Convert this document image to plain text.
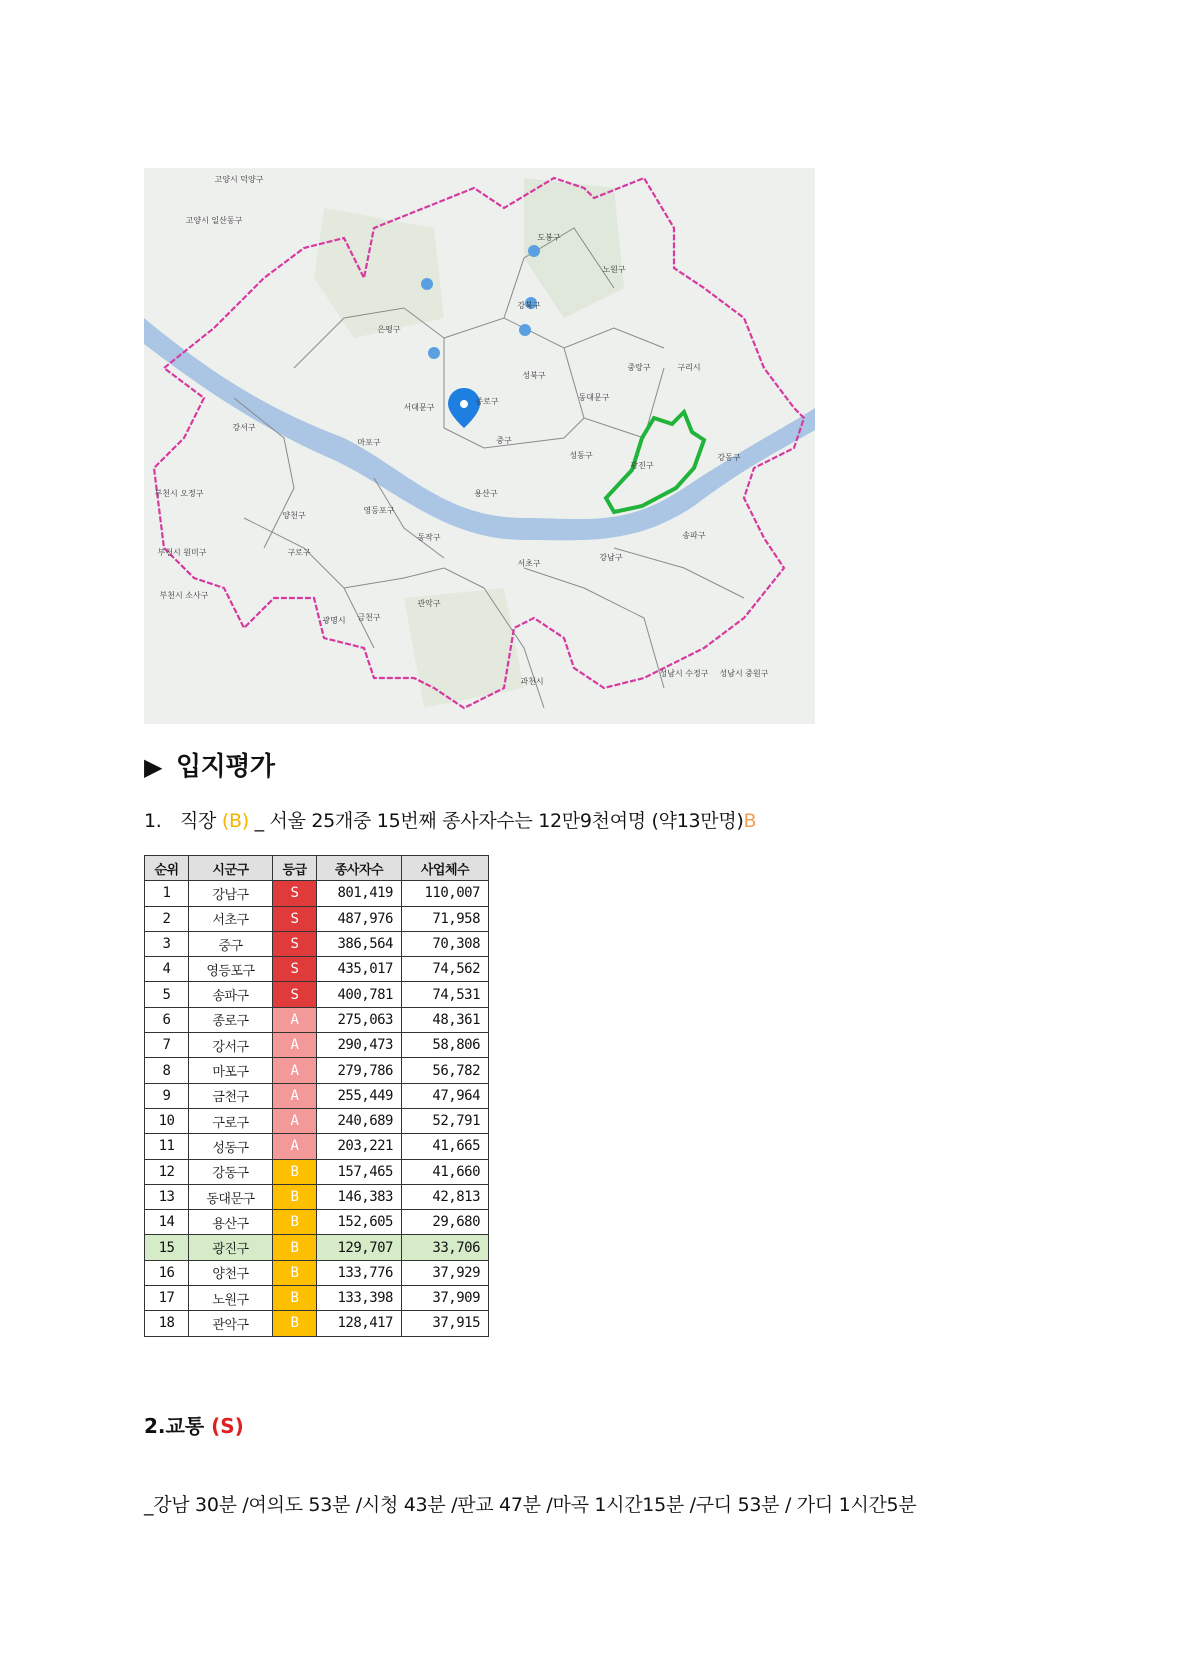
고양시 덕양구
고양시 일산동구
도봉구
노원구
강북구
은평구
성북구
중랑구	구리시
동대문구
종로구
서대문구
중구
마포구
광진구
강동구
강서구
성동구
용산구
부천시 오정구
양천구
영등포구
부천시 원미구	구로구
동작구
서초구
강남구
송파구
부천시 소사구
금천구
관악구
광명시
과천시
성남시 수정구 성남시 중원구
▶ 입지평가
1. 직장 (B) _ 서울 25개중 15번째 종사자수는 12만9천여명 (약13만명)B
순위	시군구	등급	종사자수	사업체수
1	강남구	S	801,419	110,007
2	서초구	S	487,976	71,958
3	중구	S	386,564	70,308
4	영등포구	S	435,017	74,562
5	송파구	S	400,781	74,531
6	종로구	A	275,063	48,361
7	강서구	A	290,473	58,806
8	마포구	A	279,786	56,782
9	금천구	A	255,449	47,964
10	구로구	A	240,689	52,791
11	성동구	A	203,221	41,665
12	강동구	B	157,465	41,660
13	동대문구	B	146,383	42,813
14	용산구	B	152,605	29,680
15	광진구	B	129,707	33,706
16	양천구	B	133,776	37,929
17	노원구	B	133,398	37,909
18	관악구	B	128,417	37,915
2.교통 (S)
_강남 30분 /여의도 53분 /시청 43분 /판교 47분 /마곡 1시간15분 /구디 53분 / 가디 1시간5분
